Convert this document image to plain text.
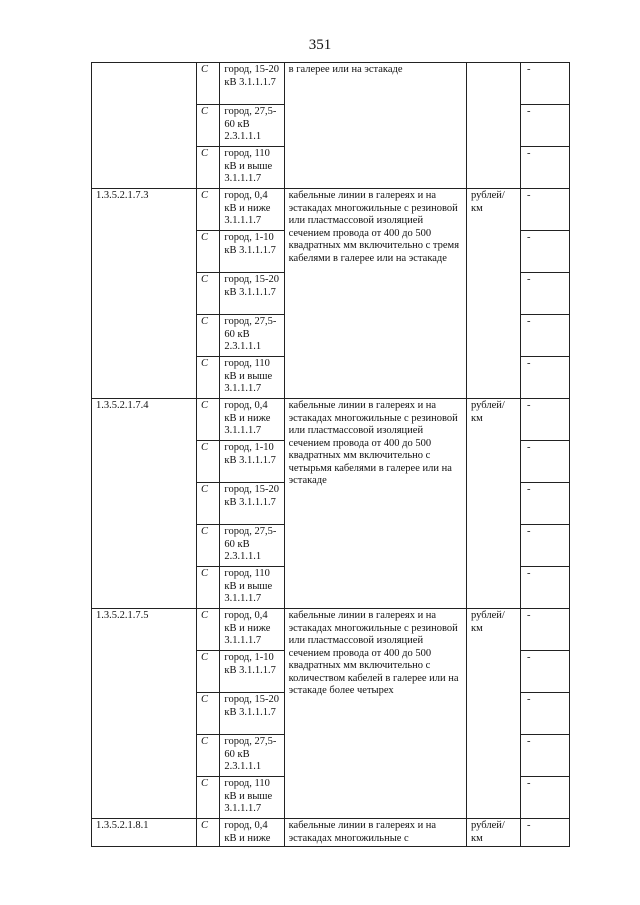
351
	С	город, 15-20 кВ 3.1.1.1.7	в галерее или на эстакаде		-
	С	город, 27,5-60 кВ 2.3.1.1.1			-
	С	город, 110 кВ и выше 3.1.1.1.7			-
1.3.5.2.1.7.3	С	город, 0,4 кВ и ниже 3.1.1.1.7	кабельные линии в галереях и на эстакадах многожильные с резиновой или пластмассовой изоляцией сечением провода от 400 до 500 квадратных мм включительно с тремя кабелями в галерее или на эстакаде	рублей/км	-
	С	город, 1-10 кВ 3.1.1.1.7			-
	С	город, 15-20 кВ 3.1.1.1.7			-
	С	город, 27,5-60 кВ 2.3.1.1.1			-
	С	город, 110 кВ и выше 3.1.1.1.7			-
1.3.5.2.1.7.4	С	город, 0,4 кВ и ниже 3.1.1.1.7	кабельные линии в галереях и на эстакадах многожильные с резиновой или пластмассовой изоляцией сечением провода от 400 до 500 квадратных мм включительно с четырьмя кабелями в галерее или на эстакаде	рублей/км	-
	С	город, 1-10 кВ 3.1.1.1.7			-
	С	город, 15-20 кВ 3.1.1.1.7			-
	С	город, 27,5-60 кВ 2.3.1.1.1			-
	С	город, 110 кВ и выше 3.1.1.1.7			-
1.3.5.2.1.7.5	С	город, 0,4 кВ и ниже 3.1.1.1.7	кабельные линии в галереях и на эстакадах многожильные с резиновой или пластмассовой изоляцией сечением провода от 400 до 500 квадратных мм включительно с количеством кабелей в галерее или на эстакаде более четырех	рублей/км	-
	С	город, 1-10 кВ 3.1.1.1.7			-
	С	город, 15-20 кВ 3.1.1.1.7			-
	С	город, 27,5-60 кВ 2.3.1.1.1			-
	С	город, 110 кВ и выше 3.1.1.1.7			-
1.3.5.2.1.8.1	С	город, 0,4 кВ и ниже	кабельные линии в галереях и на эстакадах многожильные с	рублей/км	-
